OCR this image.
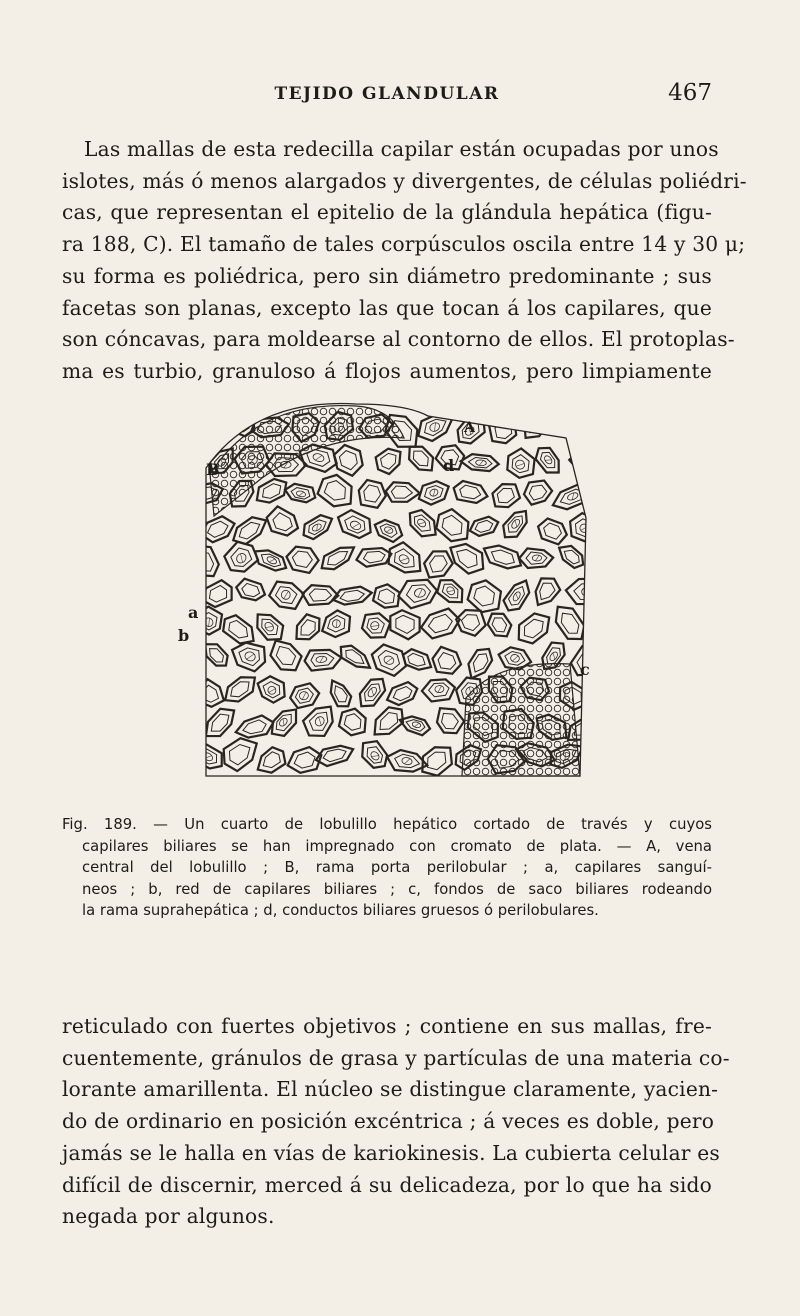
TEJIDO GLANDULAR	467
Las mallas de esta redecilla capilar están ocupadas por unos
islotes, más ó menos alargados y divergentes, de células poliédri-
cas, que representan el epitelio de la glándula hepática (figu-
ra 188, C). El tamaño de tales corpúsculos oscila entre 14 y 30 μ;
su forma es poliédrica, pero sin diámetro predominante ; sus
facetas son planas, excepto las que tocan á los capilares, que
son cóncavas, para moldearse al contorno de ellos. El protoplas-
ma es turbio, granuloso á flojos aumentos, pero limpiamente
B	d
a
b
c
A
Fig. 189. — Un cuarto de lobulillo hepático cortado de través y cuyos
capilares biliares se han impregnado con cromato de plata. — A, vena
central del lobulillo ; B, rama porta perilobular ; a, capilares sanguí-
neos ; b, red de capilares biliares ; c, fondos de saco biliares rodeando
la rama suprahepática ; d, conductos biliares gruesos ó perilobulares.
reticulado con fuertes objetivos ; contiene en sus mallas, fre-
cuentemente, gránulos de grasa y partículas de una materia co-
lorante amarillenta. El núcleo se distingue claramente, yacien-
do de ordinario en posición excéntrica ; á veces es doble, pero
jamás se le halla en vías de kariokinesis. La cubierta celular es
difícil de discernir, merced á su delicadeza, por lo que ha sido
negada por algunos.
